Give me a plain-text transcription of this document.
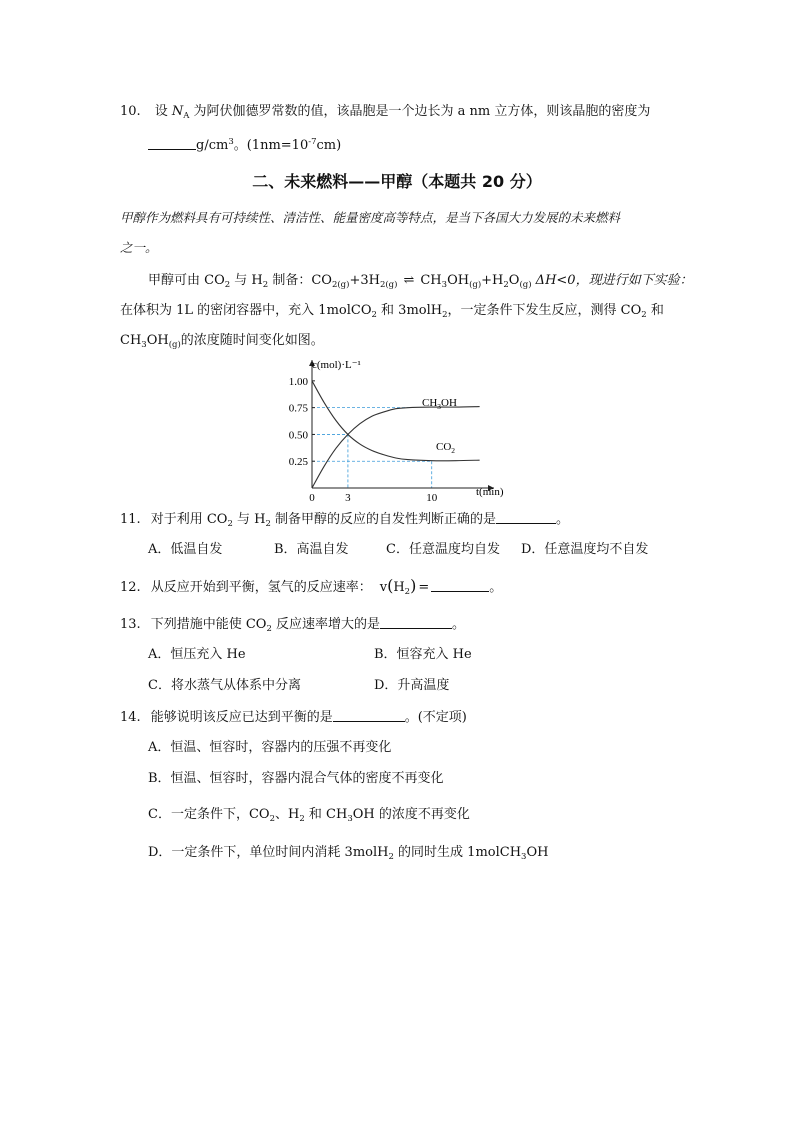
10. 设 $N_A$ 为阿伏伽德罗常数的值，该晶胞是一个边长为 a nm 立方体，则该晶胞的密度为
$g/cm^3$。$(1nm=10^{-7}cm)$
二、未来燃料——甲醇（本题共 20 分）
甲醇作为燃料具有可持续性、清洁性、能量密度高等特点，是当下各国大力发展的未来燃料
之一。
甲醇可由 $CO_2$ 与 $H_2$ 制备：$CO_{2(g)}+3H_{2(g)}$ ⇌ $CH_3OH_{(g)}+H_2O_{(g)}$ ΔH<0，现进行如下实验：
在体积为 1L 的密闭容器中，充入 1molCO$_2$ 和 3molH$_2$，一定条件下发生反应，测得 $CO_2$ 和
$CH_3OH_{(g)}$的浓度随时间变化如图。
0.25
0.50
0.75
1.00
0	3	10
c(mol)·L⁻¹
t(min)
$CH_3OH$
$CO_2$
11. 对于利用 $CO_2$ 与 $H_2$ 制备甲醇的反应的自发性判断正确的是	。
A．低温自发	B．高温自发	C．任意温度均自发 D．任意温度均不自发
12. 从反应开始到平衡，氢气的反应速率： $v(H_2)$ =	。
13. 下列措施中能使 $CO_2$ 反应速率增大的是	。
A．恒压充入 He	B．恒容充入 He
C．将水蒸气从体系中分离	D．升高温度
14. 能够说明该反应已达到平衡的是	。(不定项)
A．恒温、恒容时，容器内的压强不再变化
B．恒温、恒容时，容器内混合气体的密度不再变化
C．一定条件下，$CO_2$、$H_2$ 和 $CH_3OH$ 的浓度不再变化
D．一定条件下，单位时间内消耗 3molH$_2$ 的同时生成 1molCH$_3$OH
